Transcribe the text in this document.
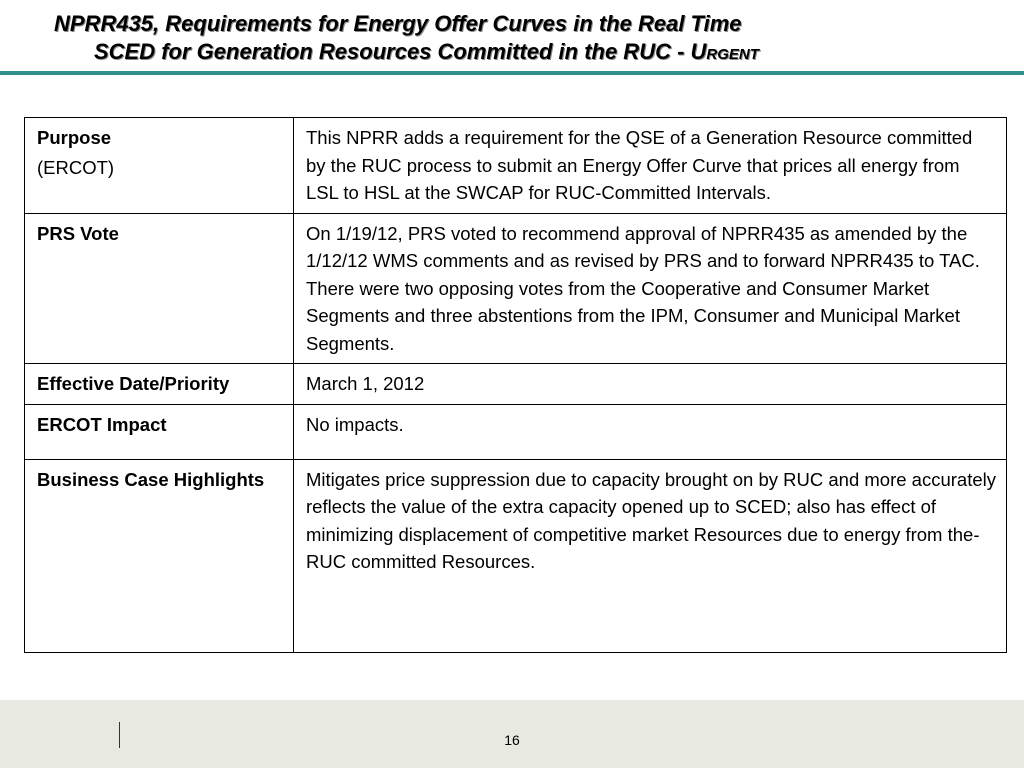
NPRR435, Requirements for Energy Offer Curves in the Real Time
SCED for Generation Resources Committed in the RUC - Urgent
Purpose
(ERCOT)	This NPRR adds a requirement for the QSE of a Generation Resource committed by the RUC process to submit an Energy Offer Curve that prices all energy from LSL to HSL at the SWCAP for RUC-Committed Intervals.
PRS Vote	On 1/19/12, PRS voted to recommend approval of NPRR435 as amended by the 1/12/12 WMS comments and as revised by PRS and to forward NPRR435 to TAC. There were two opposing votes from the Cooperative and Consumer Market Segments and three abstentions from the IPM, Consumer and Municipal Market Segments.
Effective Date/Priority	March 1, 2012
ERCOT Impact	No impacts.
Business Case Highlights	Mitigates price suppression due to capacity brought on by RUC and more accurately reflects the value of the extra capacity opened up to SCED; also has effect of minimizing displacement of competitive market Resources due to energy from the-RUC committed Resources.
16
